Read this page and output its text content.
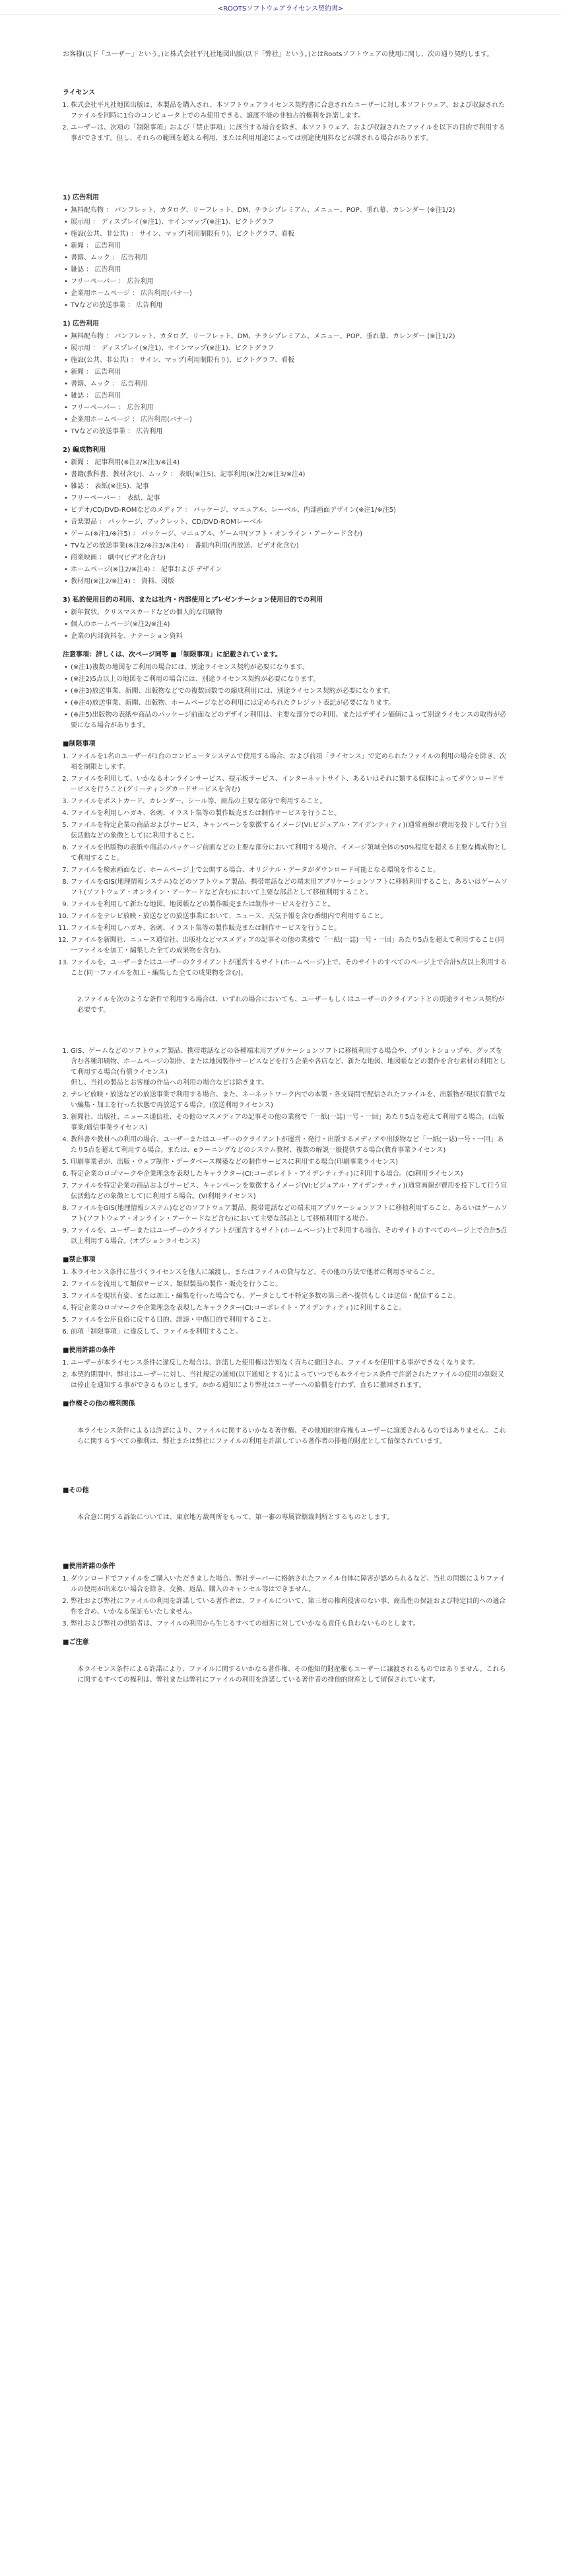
<ROOTSソフトウェアライセンス契約書>

お客様(以下「ユーザー」という。)と株式会社平凡社地図出版(以下「弊社」という。)とはRootsソフトウェアの使用に関し、次の通り契約します。

ライセンス
1. 株式会社平凡社地図出版は、本製品を購入され、本ソフトウェアライセンス契約書に合意されたユーザーに対し本ソフトウェア、および収録されたファイルを同時に1台のコンピュータ上でのみ使用できる、譲渡不能の非独占的権利を許諾します。
2. ユーザーは、次項の「制限事項」および「禁止事項」に該当する場合を除き、本ソフトウェア、および収録されたファイルを以下の目的で利用する事ができます。但し、それらの範囲を超える利用、または利用用途によっては別途使用料などが課される場合があります。
1) 広告利用
• 無料配布物 ： パンフレット、カタログ、リーフレット、DM、チラシプレミアム、メニュー、POP、垂れ幕、カレンダー (※注1/2)
• 展示用 ： ディスプレイ(※注1)、サインマップ(※注1)、ピクトグラフ
• 施設(公共、非公共) ： サイン、マップ(利用制限有り)、ピクトグラフ、看板
• 新聞 ： 広告利用
• 書籍、ムック ： 広告利用
• 雑誌 ： 広告利用
• フリーペーパー ： 広告利用
• 企業用ホームページ ： 広告利用(バナー)
• TVなどの放送事業 ： 広告利用
1) 広告利用
• 無料配布物 ： パンフレット、カタログ、リーフレット、DM、チラシプレミアム、メニュー、POP、垂れ幕、カレンダー (※注1/2)
• 展示用 ： ディスプレイ(※注1)、サインマップ(※注1)、ピクトグラフ
• 施設(公共、非公共) ： サイン、マップ(利用制限有り)、ピクトグラフ、看板
• 新聞 ： 広告利用
• 書籍、ムック ： 広告利用
• 雑誌 ： 広告利用
• フリーペーパー ： 広告利用
• 企業用ホームページ ： 広告利用(バナー)
• TVなどの放送事業 ： 広告利用
2) 編成物利用
• 新聞 ： 記事利用(※注2/※注3/※注4)
• 書籍(教科書、教材含む)、ムック ： 表紙(※注5)、記事利用(※注2/※注3/※注4)
• 雑誌 ： 表紙(※注5)、記事
• フリーペーパー ： 表紙、記事
• ビデオ/CD/DVD-ROMなどのメディア ： パッケージ、マニュアル、レーベル、内部画面デザイン(※注1/※注5)
• 音楽製品 ： パッケージ、ブックレット、CD/DVD-ROMレーベル
• ゲーム(※注1/※注5) ： パッケージ、マニュアル、ゲーム中(ソフト・オンライン・アーケード含む)
• TVなどの放送事業(※注2/※注3/※注4) ： 番組内利用(再放送、ビデオ化含む)
• 商業映画 ： 劇中(ビデオ化含む)
• ホームページ(※注2/※注4) ： 記事および デザイン
• 教材用(※注2/※注4) ： 資料、図版
3) 私的使用目的の利用、または社内・内部使用とプレゼンテーション使用目的での利用
• 新年賀状、クリスマスカードなどの個人的な印刷物
• 個人のホームページ(※注2/※注4)
• 企業の内部資料を、ナテーション資料
注意事項：詳しくは、次ページ同等 ■「制限事項」に記載されています。
• (※注1)複数の地図をご利用の場合には、別途ライセンス契約が必要になります。
• (※注2)5点以上の地図をご利用の場合には、別途ライセンス契約が必要になります。
• (※注3)放送事業、新聞、出版物などでの複数回数での縮成利用には、別途ライセンス契約が必要になります。
• (※注4)放送事業、新聞、出版物、ホームページなどの利用には定められたクレジット表記が必要になります。
• (※注5)出版物の表紙や商品のパッケージ前面などのデザイン利用は、主要な部分での利用、またはデザイン価値によって別途ライセンスの取得が必要になる場合があります。
■制限事項
1. ファイルを1名のユーザーが1台のコンピュータシステムで使用する場合、および前項「ライセンス」で定められたファイルの利用の場合を除き、次項を制限とします。
2. ファイルを利用して、いかなるオンラインサービス、提示板サービス、インターネットサイト、あるいはそれに類する媒体によってダウンロードサービスを行うこと(グリーティングカードサービスを含む)
3. ファイルをポストカード、カレンダー、シール等、商品の主要な部分で利用すること。
4. ファイルを利用しハガキ、名刺、イラスト集等の製作販売または制作サービスを行うこと。
5. ファイルを特定企業の商品およびサービス、キャンペーンを象徴するイメージ(VI:ビジュアル・アイデンティティ)(通常画線が費用を投下して行う宣伝活動などの象徴として)に利用すること。
6. ファイルを出版物の表紙や商品のパッケージ前面などの主要な部分において利用する場合、イメージ領域全体の50%程度を超える主要な構成物として利用すること。
7. ファイルを検索画面など、ホームページ上で公開する場合、オリジナル・データがダウンロード可能となる環境を作ること。
8. ファイルをGIS(地理情報システム)などのソフトウェア製品、携帯電話などの端末用アプリケーションソフトに移植利用すること、あるいはゲームソフト(ソフトウェア・オンライン・アーケードなど含む)において主要な部品として移植利用すること。
9. ファイルを利用して新たな地図、地図帳などの製作販売または制作サービスを行うこと。
10. ファイルをテレビ放映・放送などの放送事業において、ニュース、天気予報を含む番組内で利用すること。
11. ファイルを利用しハガキ、名刺、イラスト集等の製作販売または制作サービスを行うこと。
12. ファイルを新聞社、ニュース通信社、出版社などマスメディアの記事その他の業務で「一紙(一誌)一号・一回」あたり5点を超えて利用すること(同一ファイルを加工・編集した全ての成果物を含む)。
13. ファイルを、ユーザーまたはユーザーのクライアントが運営するサイト(ホームページ)上で、そのサイトのすべてのページ上で合計5点以上利用すること(同一ファイルを加工・編集した全ての成果物を含む)。

2.ファイルを次のような条件で利用する場合は、いずれの場合においても、ユーザーもしくはユーザーのクライアントとの別途ライセンス契約が必要です。

1. GIS、ゲームなどのソフトウェア製品、携帯電話などの各種端末用アプリケーションソフトに移植利用する場合や、プリントショップや、グッズを含む各種印刷物、ホームページの制作、または地図製作サービスなどを行う企業や各店など、新たな地図、地図帳などの製作を含む素材の利用として利用する場合(有償ライセンス)
但し、当社の製品とお客様の作品への利用の場合などは除きます。
2. テレビ放映・放送などの放送事業で利用する場合、また、ネーネットワーク内での本製・各支局間で配信されたファイルを、出版物が現状有償でない編集・加工を行った状態で再放送する場合。(放送利用ライセンス)
3. 新聞社、出版社、ニュース通信社、その他のマスメディアの記事その他の業務で「一紙(一誌)一号・一回」あたり5点を超えて利用する場合。(出版事業/通信事業ライセンス)
4. 教科書や教材への利用の場合、ユーザーまたはユーザーのクライアントが運営・発行・出版するメディアや出版物など「一紙(一誌)一号・一回」あたり5点を超えて利用する場合。または、eラーニングなどのシステム教材、複数の解説一般提供する場合(教育事業ライセンス)
5. 印刷事業者が、出版・ウェブ制作・データベース構築などの制作サービスに利用する場合(印刷事業ライセンス)
6. 特定企業のロゴマークや企業理念を表現したキャラクター(CI:コーポレイト・アイデンティティ)に利用する場合。(CI利用ライセンス)
7. ファイルを特定企業の商品およびサービス、キャンペーンを象徴するイメージ(VI:ビジュアル・アイデンティティ)(通常画線が費用を投下して行う宣伝活動などの象徴として)に利用する場合。(VI利用ライセンス)
8. ファイルをGIS(地理情報システム)などのソフトウェア製品、携帯電話などの端末用アプリケーションソフトに移植利用すること、あるいはゲームソフト(ソフトウェア・オンライン・アーケードなど含む)において主要な部品として移植利用する場合。
9. ファイルを、ユーザーまたはユーザーのクライアントが運営するサイト(ホームページ)上で利用する場合、そのサイトのすべてのページ上で合計5点以上利用する場合。(オプションライセンス)
■禁止事項
1. 本ライセンス条件に基づくライセンスを他人に譲渡し、またはファイルの貸与など、その他の方法で他者に利用させること。
2. ファイルを流用して類似サービス、類似製品の製作・販売を行うこと。
3. ファイルを現状有姿、または加工・編集を行った場合でも、データとして不特定多数の第三者へ提供もしくは送信・配信すること。
4. 特定企業のロゴマークや企業理念を表現したキャラクター(CI:コーポレイト・アイデンティティ)に利用すること。
5. ファイルを公序良俗に反する目的、誹謗・中傷目的で利用すること。
6. 前項「制限事項」に違反して、ファイルを利用すること。
■使用許諾の条件
1. ユーザーが本ライセンス条件に違反した場合は、許諾した使用権は告知なく直ちに撤回され、ファイルを使用する事ができなくなります。
2. 本契約期間中、弊社はユーザーに対し、当社規定の通知(以下通知とする)によっていつでも本ライセンス条件で許諾されたファイルの使用の制限又は停止を通知する事ができるものとします。かかる通知により弊社はユーザーへの賠償を行わず、直ちに撤回されます。
■作権その他の権利関係

本ライセンス条件によるは許諾により、ファイルに関するいかなる著作権、その他知的財産権もユーザーに譲渡されるものではありません。これらに関するすべての権利は、弊社または弊社にファイルの利用を許諾している著作者の排他的財産として留保されています。

■その他

本合意に関する訴訟については、東京地方裁判所をもって、第一審の専属管轄裁判所とするものとします。

■使用許諾の条件
1. ダウンロードでファイルをご購入いただきました場合、弊社サーバーに格納されたファイル自体に障害が認められるなど、当社の問題によりファイルの使用が出来ない場合を除き、交換、返品、購入のキャンセル等はできません。
2. 弊社および弊社にファイルの利用を許諾している著作者は、ファイルについて、第三者の権利侵害のない事、商品性の保証および特定目的への適合性を含め、いかなる保証もいたしません。
3. 弊社および弊社の供給者は、ファイルの利用から生じるすべての損害に対していかなる責任も負わないものとします。
■ご注意

本ライセンス条件による許諾により、ファイルに関するいかなる著作権、その他知的財産権もユーザーに譲渡されるものではありません。これらに関するすべての権利は、弊社または弊社にファイルの利用を許諾している著作者の排他的財産として留保されています。
